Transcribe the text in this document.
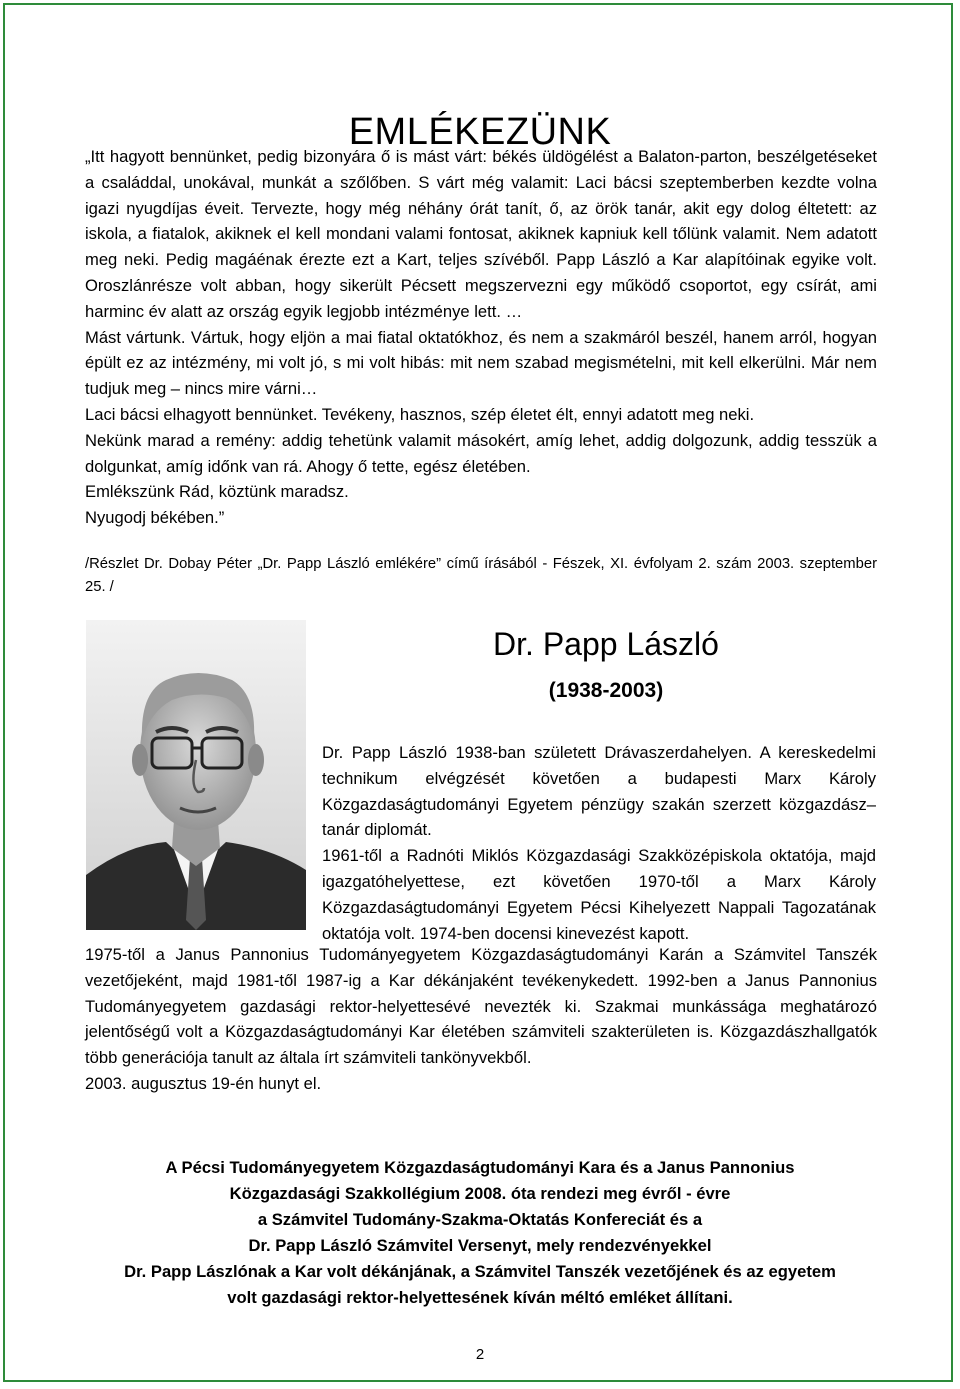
EMLÉKEZÜNK

„Itt hagyott bennünket, pedig bizonyára ő is mást várt: békés üldögélést a Balaton-parton, beszélgetéseket a családdal, unokával, munkát a szőlőben. S várt még valamit: Laci bácsi szeptemberben kezdte volna igazi nyugdíjas éveit. Tervezte, hogy még néhány órát tanít, ő, az örök tanár, akit egy dolog éltetett: az iskola, a fiatalok, akiknek el kell mondani valami fontosat, akiknek kapniuk kell tőlünk valamit. Nem adatott meg neki. Pedig magáénak érezte ezt a Kart, teljes szívéből. Papp László a Kar alapítóinak egyike volt. Oroszlánrésze volt abban, hogy sikerült Pécsett megszervezni egy működő csoportot, egy csírát, ami harminc év alatt az ország egyik legjobb intézménye lett. …

Mást vártunk. Vártuk, hogy eljön a mai fiatal oktatókhoz, és nem a szakmáról beszél, hanem arról, hogyan épült ez az intézmény, mi volt jó, s mi volt hibás: mit nem szabad megismételni, mit kell elkerülni. Már nem tudjuk meg – nincs mire várni…

Laci bácsi elhagyott bennünket. Tevékeny, hasznos, szép életet élt, ennyi adatott meg neki.

Nekünk marad a remény: addig tehetünk valamit másokért, amíg lehet, addig dolgozunk, addig tesszük a dolgunkat, amíg időnk van rá. Ahogy ő tette, egész életében.

Emlékszünk Rád, köztünk maradsz.

Nyugodj békében.”

/Részlet Dr. Dobay Péter „Dr. Papp László emlékére” című írásából - Fészek, XI. évfolyam 2. szám 2003. szeptember 25. /

Dr. Papp László
(1938-2003)

Dr. Papp László 1938-ban született Drávaszerdahelyen. A kereskedelmi technikum elvégzését követően a budapesti Marx Károly Közgazdaságtudományi Egyetem pénzügy szakán szerzett közgazdász–tanár diplomát.

1961-től a Radnóti Miklós Közgazdasági Szakközépiskola oktatója, majd igazgatóhelyettese, ezt követően 1970-től a Marx Károly Közgazdaságtudományi Egyetem Pécsi Kihelyezett Nappali Tagozatának oktatója volt. 1974-ben docensi kinevezést kapott.

1975-től a Janus Pannonius Tudományegyetem Közgazdaságtudományi Karán a Számvitel Tanszék vezetőjeként, majd 1981-től 1987-ig a Kar dékánjaként tevékenykedett. 1992-ben a Janus Pannonius Tudományegyetem gazdasági rektor-helyettesévé nevezték ki. Szakmai munkássága meghatározó jelentőségű volt a Közgazdaságtudományi Kar életében számviteli szakterületen is. Közgazdászhallgatók több generációja tanult az általa írt számviteli tankönyvekből.

2003. augusztus 19-én hunyt el.

A Pécsi Tudományegyetem Közgazdaságtudományi Kara és a Janus Pannonius
Közgazdasági Szakkollégium 2008. óta rendezi meg évről - évre
a Számvitel Tudomány-Szakma-Oktatás Konfereciát és a
Dr. Papp László Számvitel Versenyt, mely rendezvényekkel
Dr. Papp Lászlónak a Kar volt dékánjának, a Számvitel Tanszék vezetőjének és az egyetem
volt gazdasági rektor-helyettesének kíván méltó emléket állítani.
2
